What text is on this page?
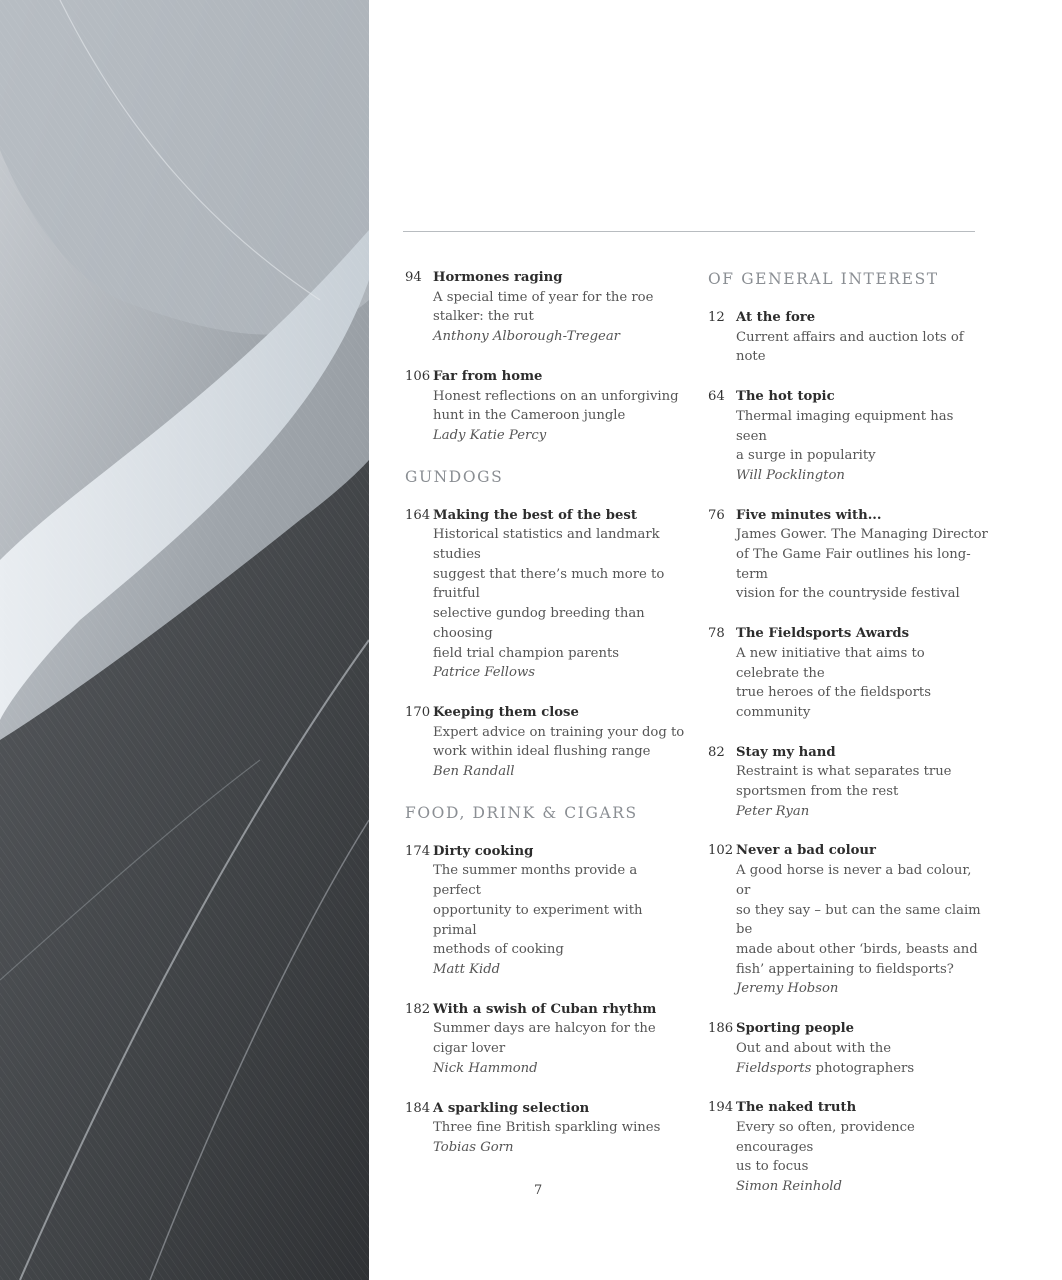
94 Hormones raging
A special time of year for the roe
stalker: the rut
Anthony Alborough-Tregear
106 Far from home
Honest reflections on an unforgiving
hunt in the Cameroon jungle
Lady Katie Percy
GUNDOGS
164 Making the best of the best
Historical statistics and landmark studies
suggest that there’s much more to fruitful
selective gundog breeding than choosing
field trial champion parents
Patrice Fellows
170 Keeping them close
Expert advice on training your dog to
work within ideal flushing range
Ben Randall
FOOD, DRINK & CIGARS
174 Dirty cooking
The summer months provide a perfect
opportunity to experiment with primal
methods of cooking
Matt Kidd
182 With a swish of Cuban rhythm
Summer days are halcyon for the
cigar lover
Nick Hammond
184 A sparkling selection
Three fine British sparkling wines
Tobias Gorn
OF GENERAL INTEREST
12 At the fore
Current affairs and auction lots of note
64 The hot topic
Thermal imaging equipment has seen
a surge in popularity
Will Pocklington
76 Five minutes with...
James Gower. The Managing Director
of The Game Fair outlines his long-term
vision for the countryside festival
78 The Fieldsports Awards
A new initiative that aims to celebrate the
true heroes of the fieldsports community
82 Stay my hand
Restraint is what separates true
sportsmen from the rest
Peter Ryan
102 Never a bad colour
A good horse is never a bad colour, or
so they say – but can the same claim be
made about other ‘birds, beasts and
fish’ appertaining to fieldsports?
Jeremy Hobson
186 Sporting people
Out and about with the
Fieldsports photographers
194 The naked truth
Every so often, providence encourages
us to focus
Simon Reinhold
7
